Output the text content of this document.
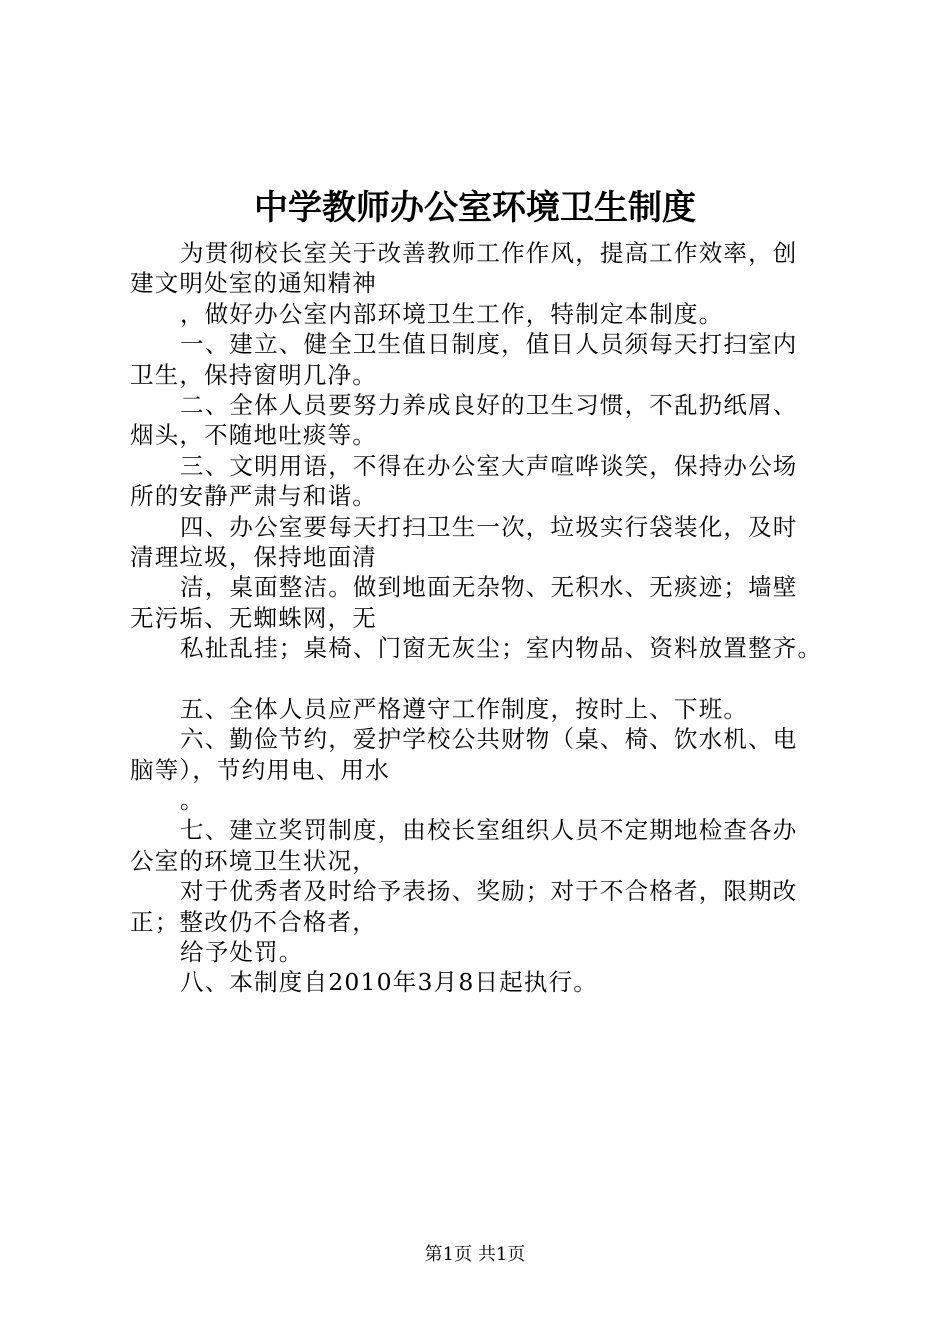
中学教师办公室环境卫生制度

为贯彻校长室关于改善教师工作作风，提高工作效率，创
建文明处室的通知精神

，做好办公室内部环境卫生工作，特制定本制度。

一、建立、健全卫生值日制度，值日人员须每天打扫室内
卫生，保持窗明几净。

二、全体人员要努力养成良好的卫生习惯，不乱扔纸屑、
烟头，不随地吐痰等。

三、文明用语，不得在办公室大声喧哗谈笑，保持办公场
所的安静严肃与和谐。

四、办公室要每天打扫卫生一次，垃圾实行袋装化，及时
清理垃圾，保持地面清

洁，桌面整洁。做到地面无杂物、无积水、无痰迹；墙壁
无污垢、无蜘蛛网，无

私扯乱挂；桌椅、门窗无灰尘；室内物品、资料放置整齐。

五、全体人员应严格遵守工作制度，按时上、下班。

六、勤俭节约，爱护学校公共财物（桌、椅、饮水机、电
脑等），节约用电、用水

。

七、建立奖罚制度，由校长室组织人员不定期地检查各办
公室的环境卫生状况，

对于优秀者及时给予表扬、奖励；对于不合格者，限期改
正；整改仍不合格者，

给予处罚。

八、本制度自2010年3月8日起执行。

第1页 共1页
